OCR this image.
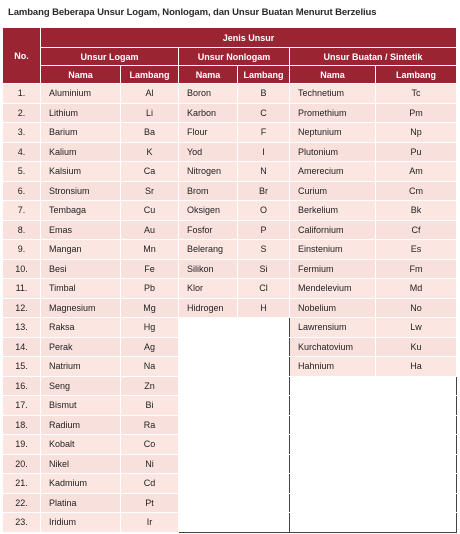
Lambang Beberapa Unsur Logam, Nonlogam, dan Unsur Buatan Menurut Berzelius
No.	Jenis Unsur					
	Unsur Logam		Unsur Nonlogam		Unsur Buatan / Sintetik	
	Nama	Lambang	Nama	Lambang	Nama	Lambang
1.	Aluminium	Al	Boron	B	Technetium	Tc
2.	Lithium	Li	Karbon	C	Promethium	Pm
3.	Barium	Ba	Flour	F	Neptunium	Np
4.	Kalium	K	Yod	I	Plutonium	Pu
5.	Kalsium	Ca	Nitrogen	N	Amerecium	Am
6.	Stronsium	Sr	Brom	Br	Curium	Cm
7.	Tembaga	Cu	Oksigen	O	Berkelium	Bk
8.	Emas	Au	Fosfor	P	Californium	Cf
9.	Mangan	Mn	Belerang	S	Einstenium	Es
10.	Besi	Fe	Silikon	Si	Fermium	Fm
11.	Timbal	Pb	Klor	Cl	Mendelevium	Md
12.	Magnesium	Mg	Hidrogen	H	Nobelium	No
13.	Raksa	Hg			Lawrensium	Lw
14.	Perak	Ag			Kurchatovium	Ku
15.	Natrium	Na			Hahnium	Ha
16.	Seng	Zn				
17.	Bismut	Bi				
18.	Radium	Ra				
19.	Kobalt	Co				
20.	Nikel	Ni				
21.	Kadmium	Cd				
22.	Platina	Pt				
23.	Iridium	Ir				
